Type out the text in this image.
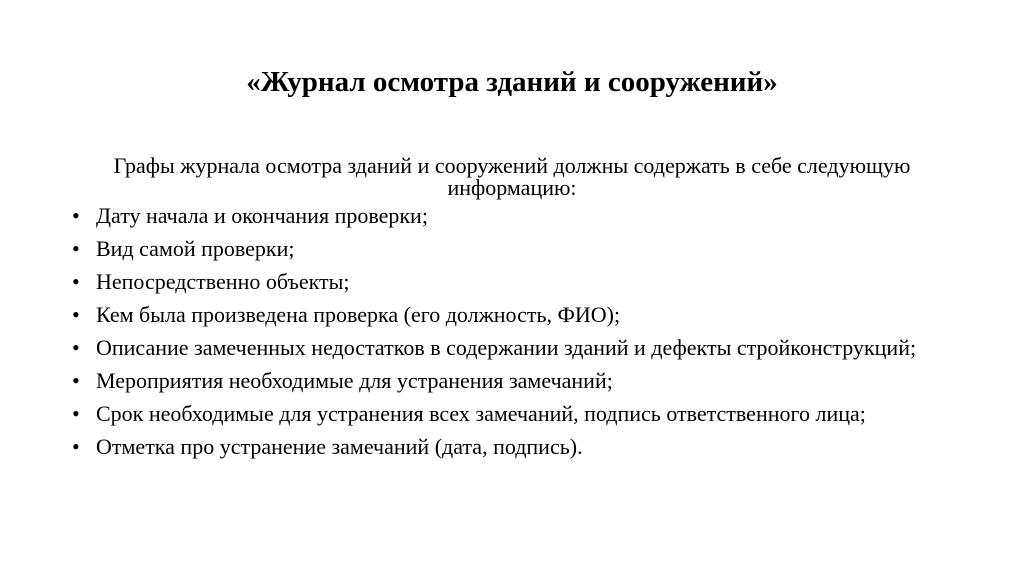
«Журнал осмотра зданий и сооружений»

Графы журнала осмотра зданий и сооружений должны содержать в себе следующую информацию:

• Дату начала и окончания проверки;
• Вид самой проверки;
• Непосредственно объекты;
• Кем была произведена проверка (его должность, ФИО);
• Описание замеченных недостатков в содержании зданий и дефекты стройконструкций;
• Мероприятия необходимые для устранения замечаний;
• Срок необходимые для устранения всех замечаний, подпись ответственного лица;
• Отметка про устранение замечаний (дата, подпись).
